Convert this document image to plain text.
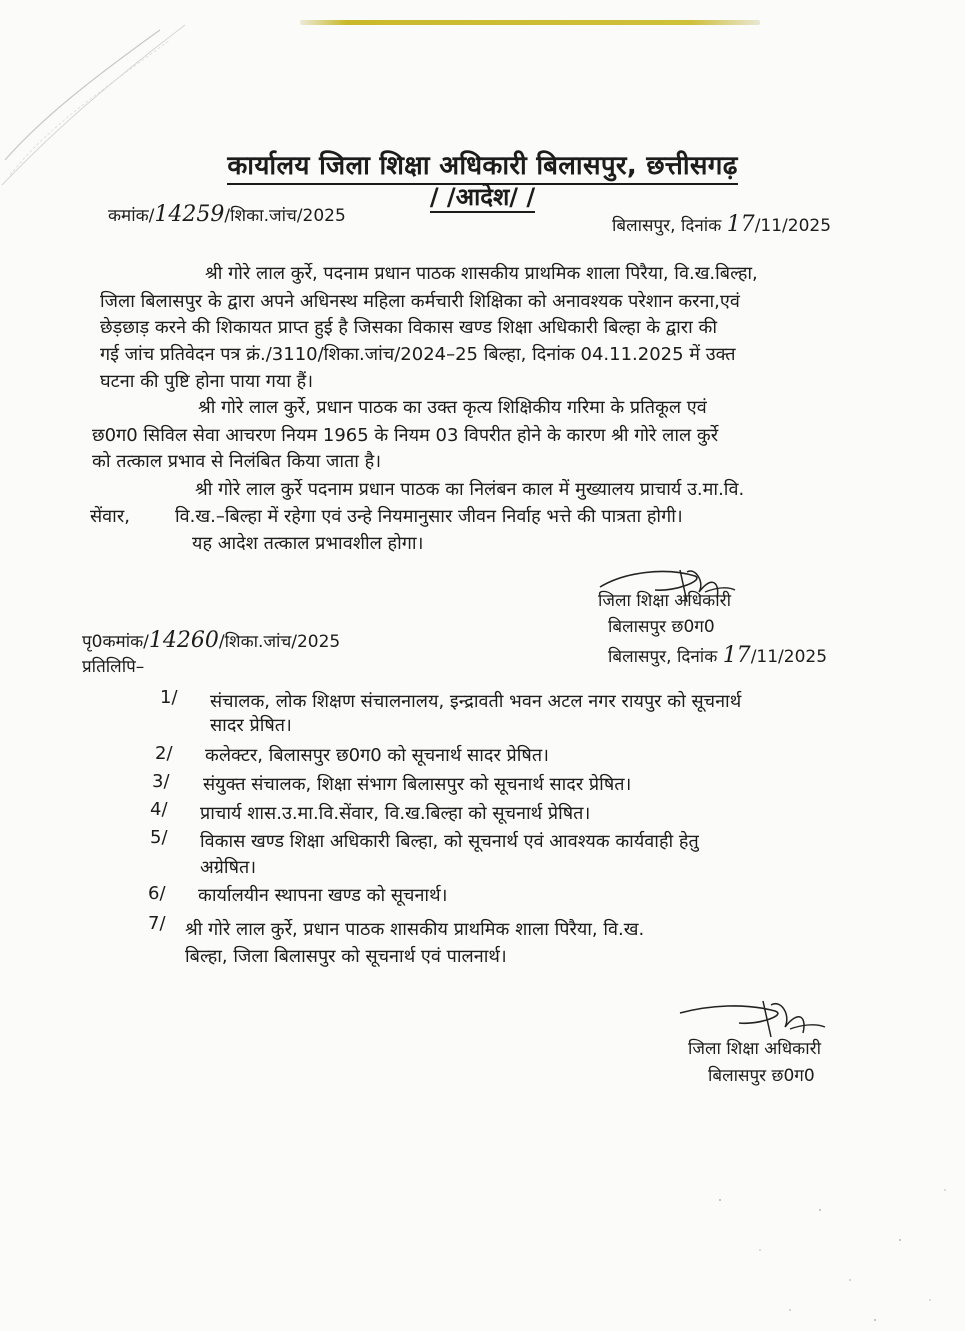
कार्यालय जिला शिक्षा अधिकारी बिलासपुर, छत्तीसगढ़
/ /आदेश/ /
कमांक/14259/शिका.जांच/2025	बिलासपुर, दिनांक 17/11/2025
श्री गोरे लाल कुर्रे, पदनाम प्रधान पाठक शासकीय प्राथमिक शाला पिरैया, वि.ख.बिल्हा,
जिला बिलासपुर के द्वारा अपने अधिनस्थ महिला कर्मचारी शिक्षिका को अनावश्यक परेशान करना,एवं
छेड़छाड़ करने की शिकायत प्राप्त हुई है जिसका विकास खण्ड शिक्षा अधिकारी बिल्हा के द्वारा की
गई जांच प्रतिवेदन पत्र क्रं./3110/शिका.जांच/2024–25 बिल्हा, दिनांक 04.11.2025 में उक्त
घटना की पुष्टि होना पाया गया हैं।
श्री गोरे लाल कुर्रे, प्रधान पाठक का उक्त कृत्य शिक्षिकीय गरिमा के प्रतिकूल एवं
छ0ग0 सिविल सेवा आचरण नियम 1965 के नियम 03 विपरीत होने के कारण श्री गोरे लाल कुर्रे
को तत्काल प्रभाव से निलंबित किया जाता है।
श्री गोरे लाल कुर्रे पदनाम प्रधान पाठक का निलंबन काल में मुख्यालय प्राचार्य उ.मा.वि.
सेंवार,	वि.ख.–बिल्हा में रहेगा एवं उन्हे नियमानुसार जीवन निर्वाह भत्ते की पात्रता होगी।
यह आदेश तत्काल प्रभावशील होगा।
जिला शिक्षा अधिकारी
बिलासपुर छ0ग0
बिलासपुर, दिनांक 17/11/2025
पृ0कमांक/14260/शिका.जांच/2025
प्रतिलिपि–
1/ संचालक, लोक शिक्षण संचालनालय, इन्द्रावती भवन अटल नगर रायपुर को सूचनार्थ
सादर प्रेषित।
2/ कलेक्टर, बिलासपुर छ0ग0 को सूचनार्थ सादर प्रेषित।
3/ संयुक्त संचालक, शिक्षा संभाग बिलासपुर को सूचनार्थ सादर प्रेषित।
4/ प्राचार्य शास.उ.मा.वि.सेंवार, वि.ख.बिल्हा को सूचनार्थ प्रेषित।
5/ विकास खण्ड शिक्षा अधिकारी बिल्हा, को सूचनार्थ एवं आवश्यक कार्यवाही हेतु
अग्रेषित।
6/ कार्यालयीन स्थापना खण्ड को सूचनार्थ।
7/ श्री गोरे लाल कुर्रे, प्रधान पाठक शासकीय प्राथमिक शाला पिरैया, वि.ख.
बिल्हा, जिला बिलासपुर को सूचनार्थ एवं पालनार्थ।
जिला शिक्षा अधिकारी
बिलासपुर छ0ग0
